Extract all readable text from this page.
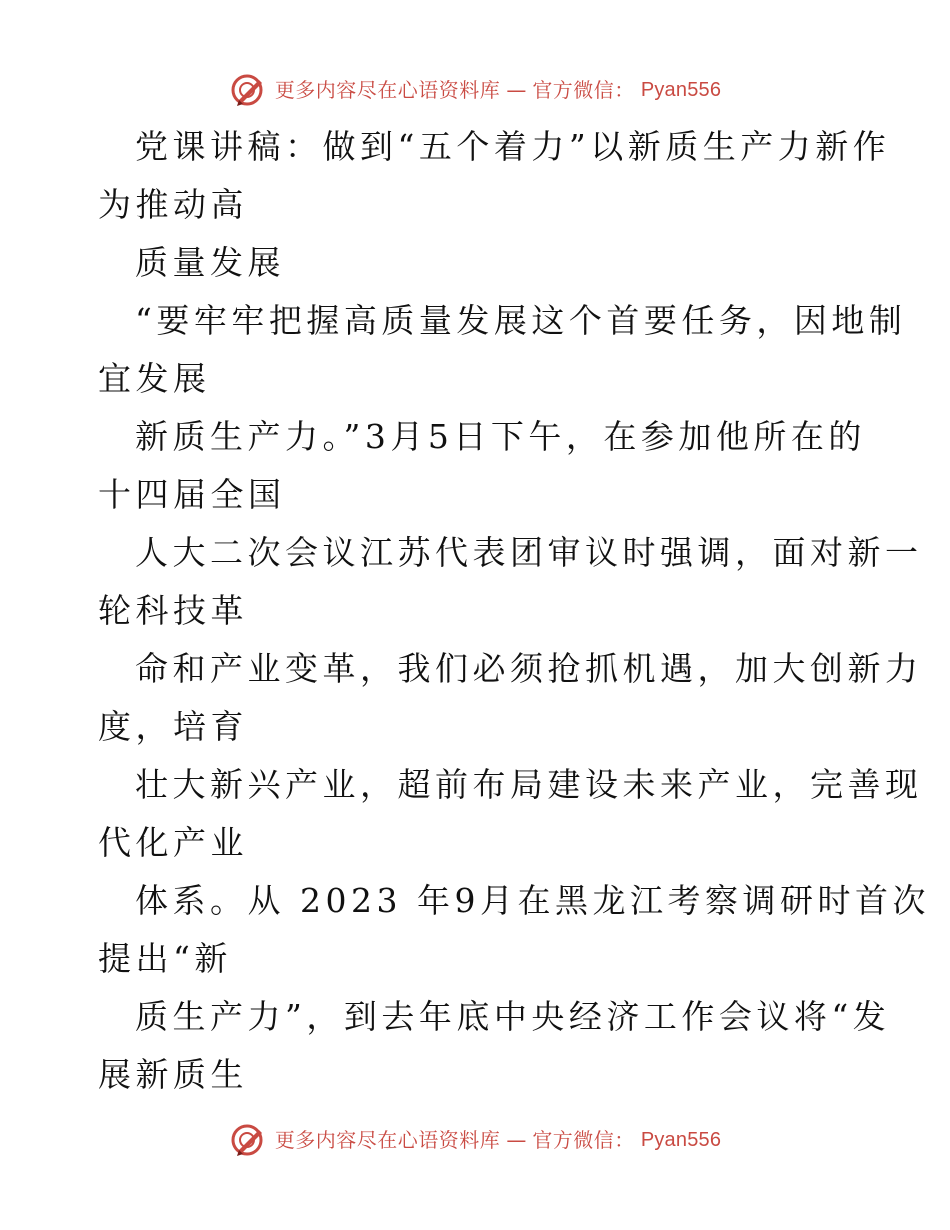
更多内容尽在心语资料库 — 官方微信： Pyan556
党课讲稿：做到“五个着力”以新质生产力新作
为推动高
质量发展
“要牢牢把握高质量发展这个首要任务，因地制
宜发展
新质生产力。”3月5日下午，在参加他所在的
十四届全国
人大二次会议江苏代表团审议时强调，面对新一
轮科技革
命和产业变革，我们必须抢抓机遇，加大创新力
度，培育
壮大新兴产业，超前布局建设未来产业，完善现
代化产业
体系。从 2023 年9月在黑龙江考察调研时首次
提出“新
质生产力”，到去年底中央经济工作会议将“发
展新质生
更多内容尽在心语资料库 — 官方微信： Pyan556
